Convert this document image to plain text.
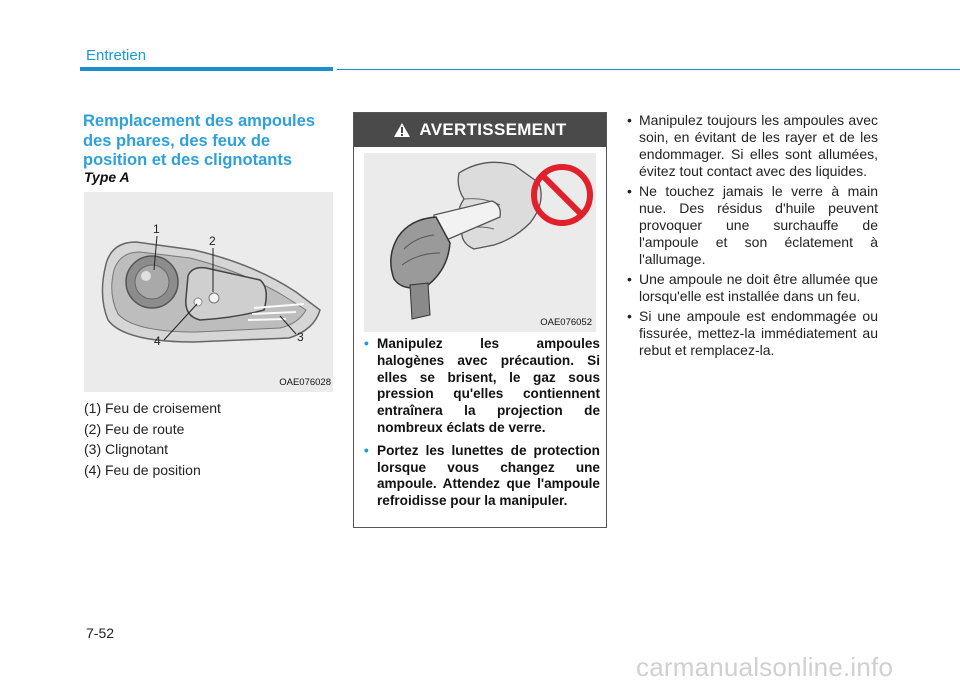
Entretien
Remplacement des ampoules des phares, des feux de position et des clignotants
Type A
1
2
3
4
OAE076028
(1) Feu de croisement
(2) Feu de route
(3) Clignotant
(4) Feu de position
AVERTISSEMENT
OAE076052
• Manipulez les ampoules halogènes avec précaution. Si elles se brisent, le gaz sous pression qu'elles contiennent entraînera la projection de nombreux éclats de verre.
• Portez les lunettes de protection lorsque vous changez une ampoule. Attendez que l'ampoule refroidisse pour la manipuler.
• Manipulez toujours les ampoules avec soin, en évitant de les rayer et de les endommager. Si elles sont allumées, évitez tout contact avec des liquides.
• Ne touchez jamais le verre à main nue. Des résidus d'huile peuvent provoquer une surchauffe de l'ampoule et son éclatement à l'allumage.
• Une ampoule ne doit être allumée que lorsqu'elle est installée dans un feu.
• Si une ampoule est endommagée ou fissurée, mettez-la immédiatement au rebut et remplacez-la.
7-52
carmanualsonline.info
